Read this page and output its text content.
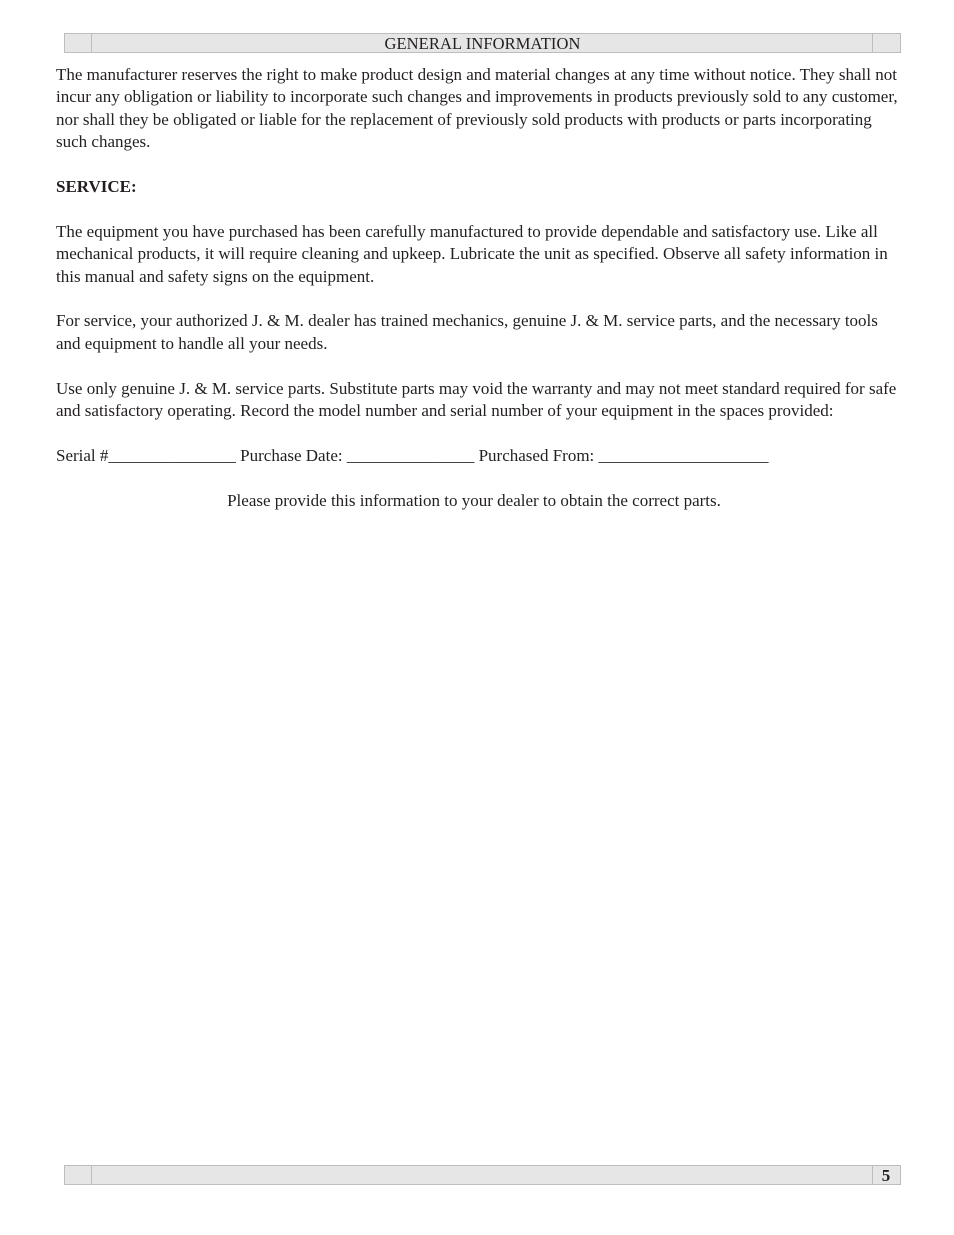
GENERAL INFORMATION

The manufacturer reserves the right to make product design and material changes at any time without notice. They shall not incur any obligation or liability to incorporate such changes and improvements in products previously sold to any customer, nor shall they be obligated or liable for the replacement of previously sold products with products or parts incorporating such changes.

SERVICE:

The equipment you have purchased has been carefully manufactured to provide dependable and satisfactory use. Like all mechanical products, it will require cleaning and upkeep. Lubricate the unit as specified. Observe all safety information in this manual and safety signs on the equipment.

For service, your authorized J. & M. dealer has trained mechanics, genuine J. & M. service parts, and the necessary tools and equipment to handle all your needs.

Use only genuine J. & M. service parts. Substitute parts may void the warranty and may not meet standard required for safe and satisfactory operating. Record the model number and serial number of your equipment in the spaces provided:

Serial #_______________ Purchase Date: _______________ Purchased From: ____________________

Please provide this information to your dealer to obtain the correct parts.

5
